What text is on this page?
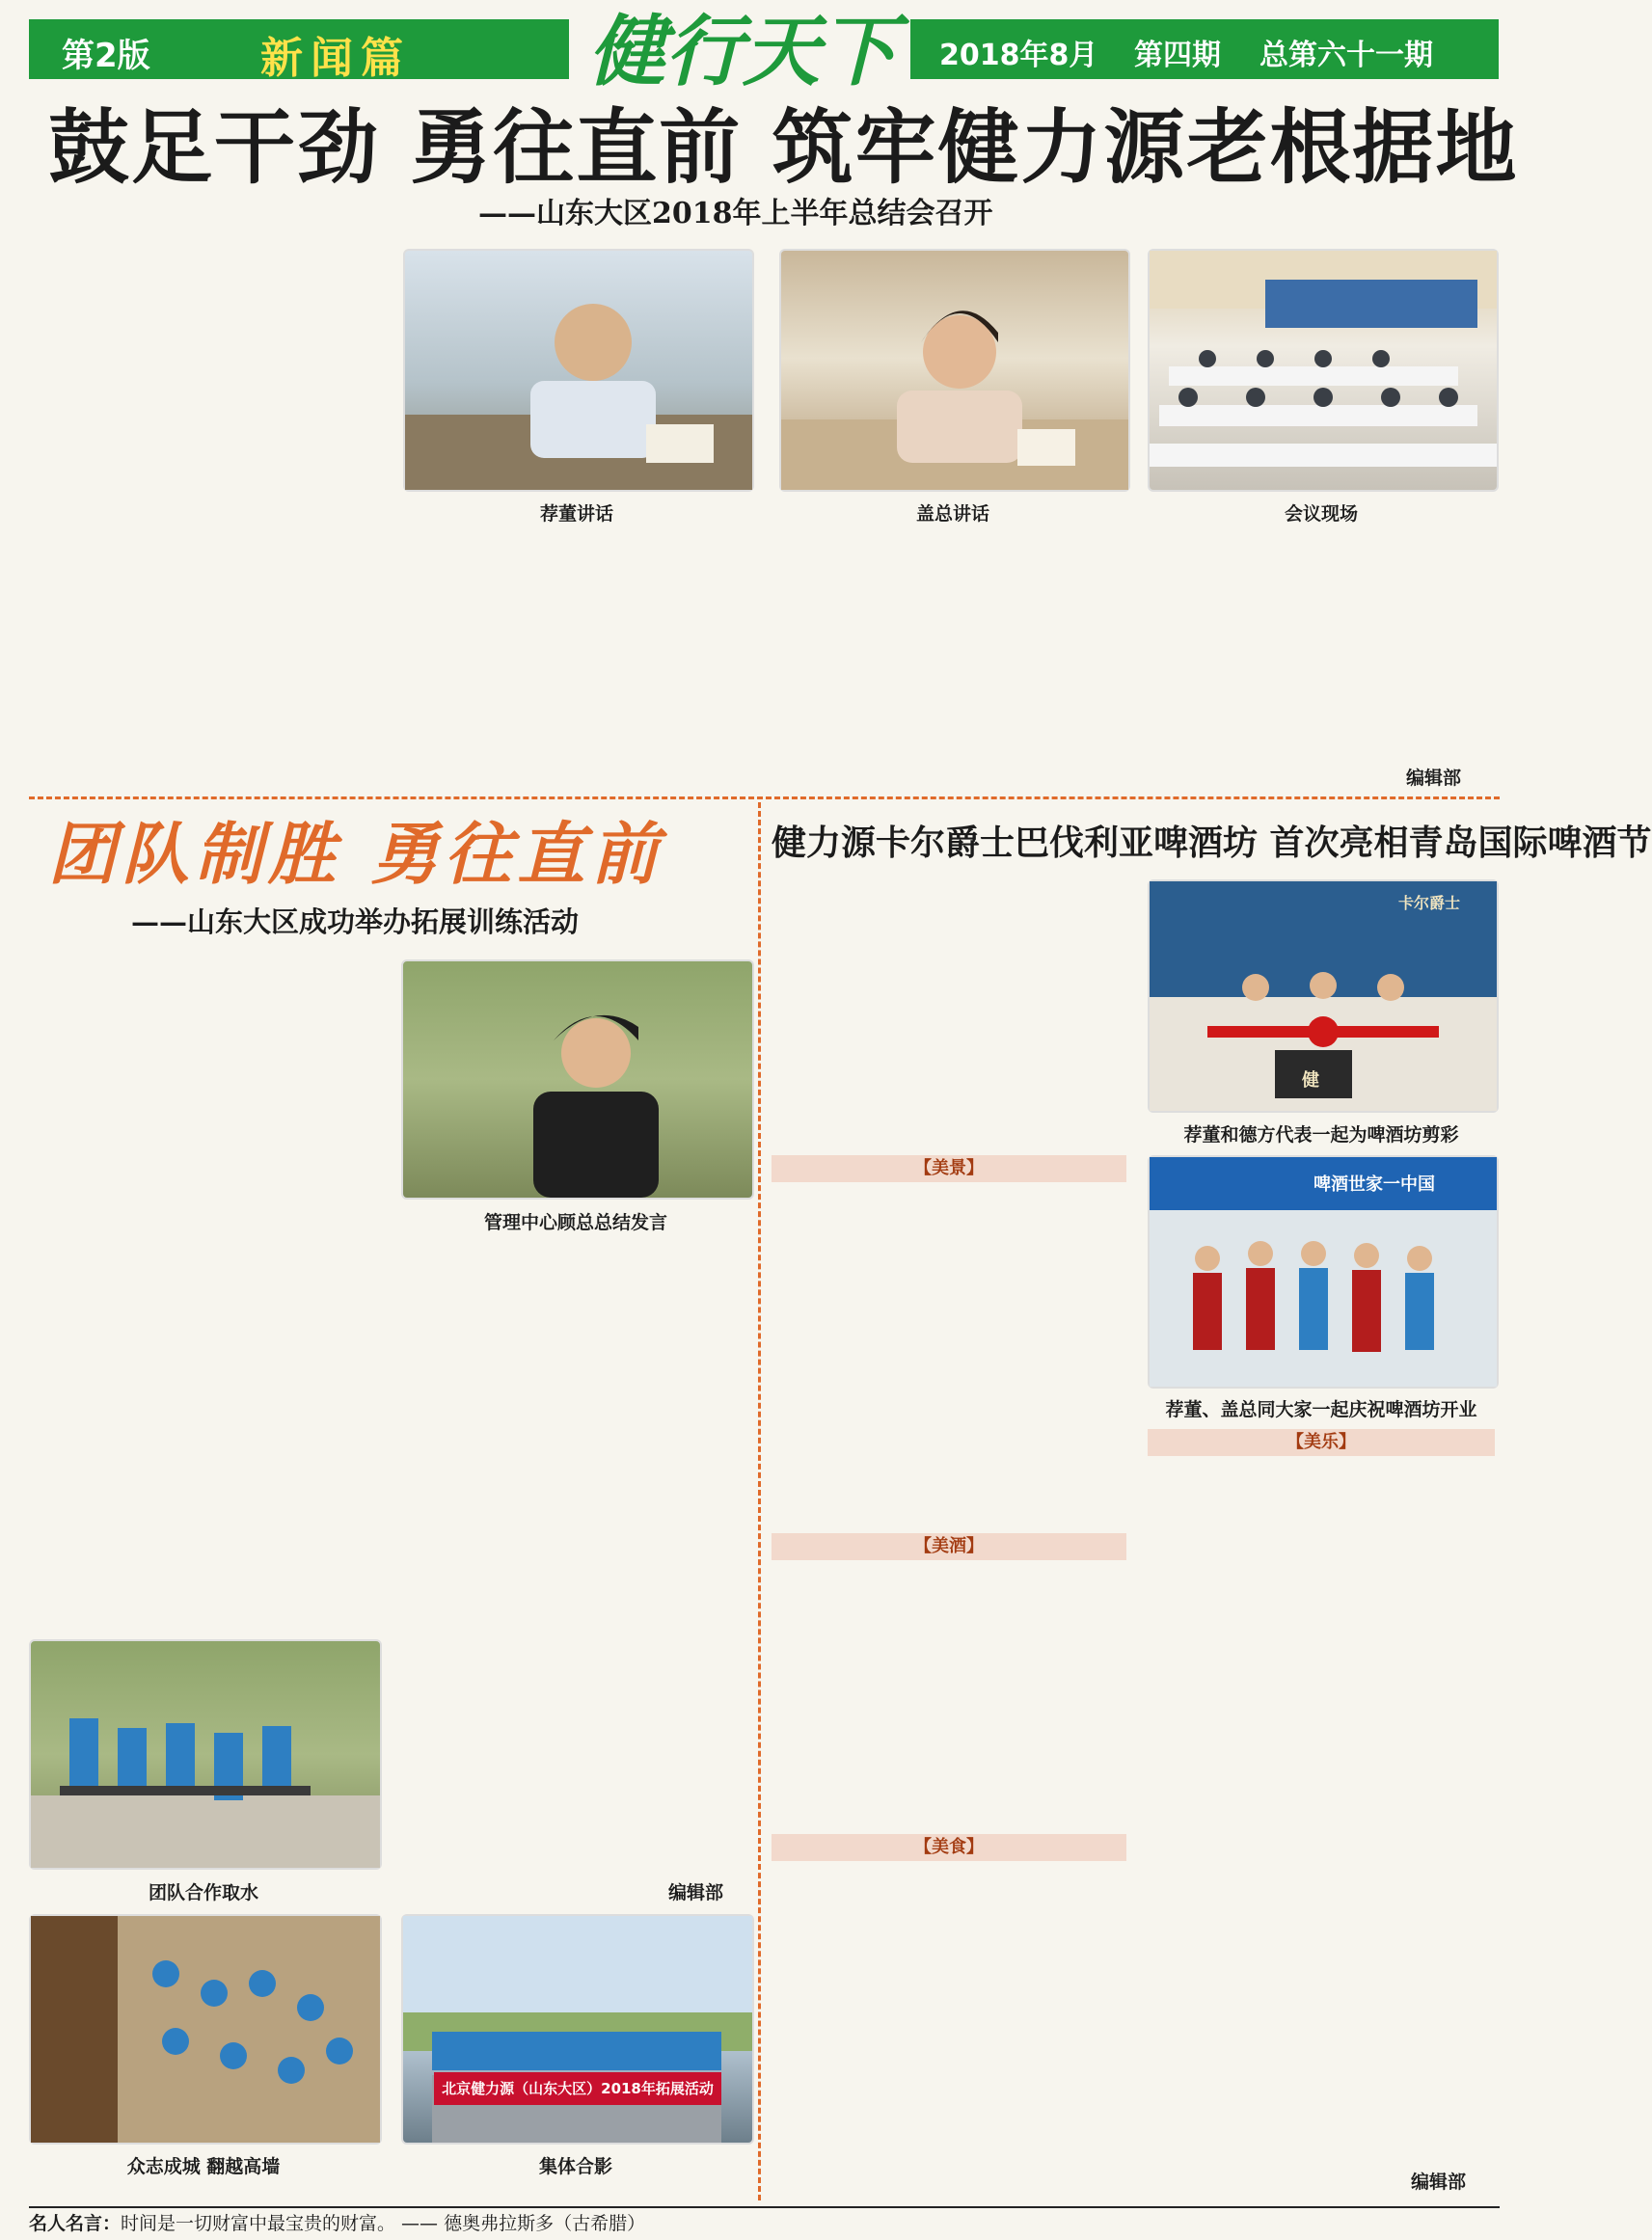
第2版	新闻篇 健行天下	2018年8月 第四期 总第六十一期
鼓足干劲 勇往直前 筑牢健力源老根据地
——山东大区2018年上半年总结会召开
荐董讲话	盖总讲话	会议现场
编辑部
团队制胜 勇往直前
——山东大区成功举办拓展训练活动
管理中心顾总总结发言
编辑部
团队合作取水
众志成城 翻越高墙
北京健力源（山东大区）2018年拓展活动
集体合影
健力源卡尔爵士巴伐利亚啤酒坊 首次亮相青岛国际啤酒节
卡尔爵士
健
荐董和德方代表一起为啤酒坊剪彩
【美景】
啤酒世家一中国
荐董、盖总同大家一起庆祝啤酒坊开业
【美乐】
【美酒】
【美食】
编辑部
名人名言：时间是一切财富中最宝贵的财富。 —— 德奥弗拉斯多（古希腊）
